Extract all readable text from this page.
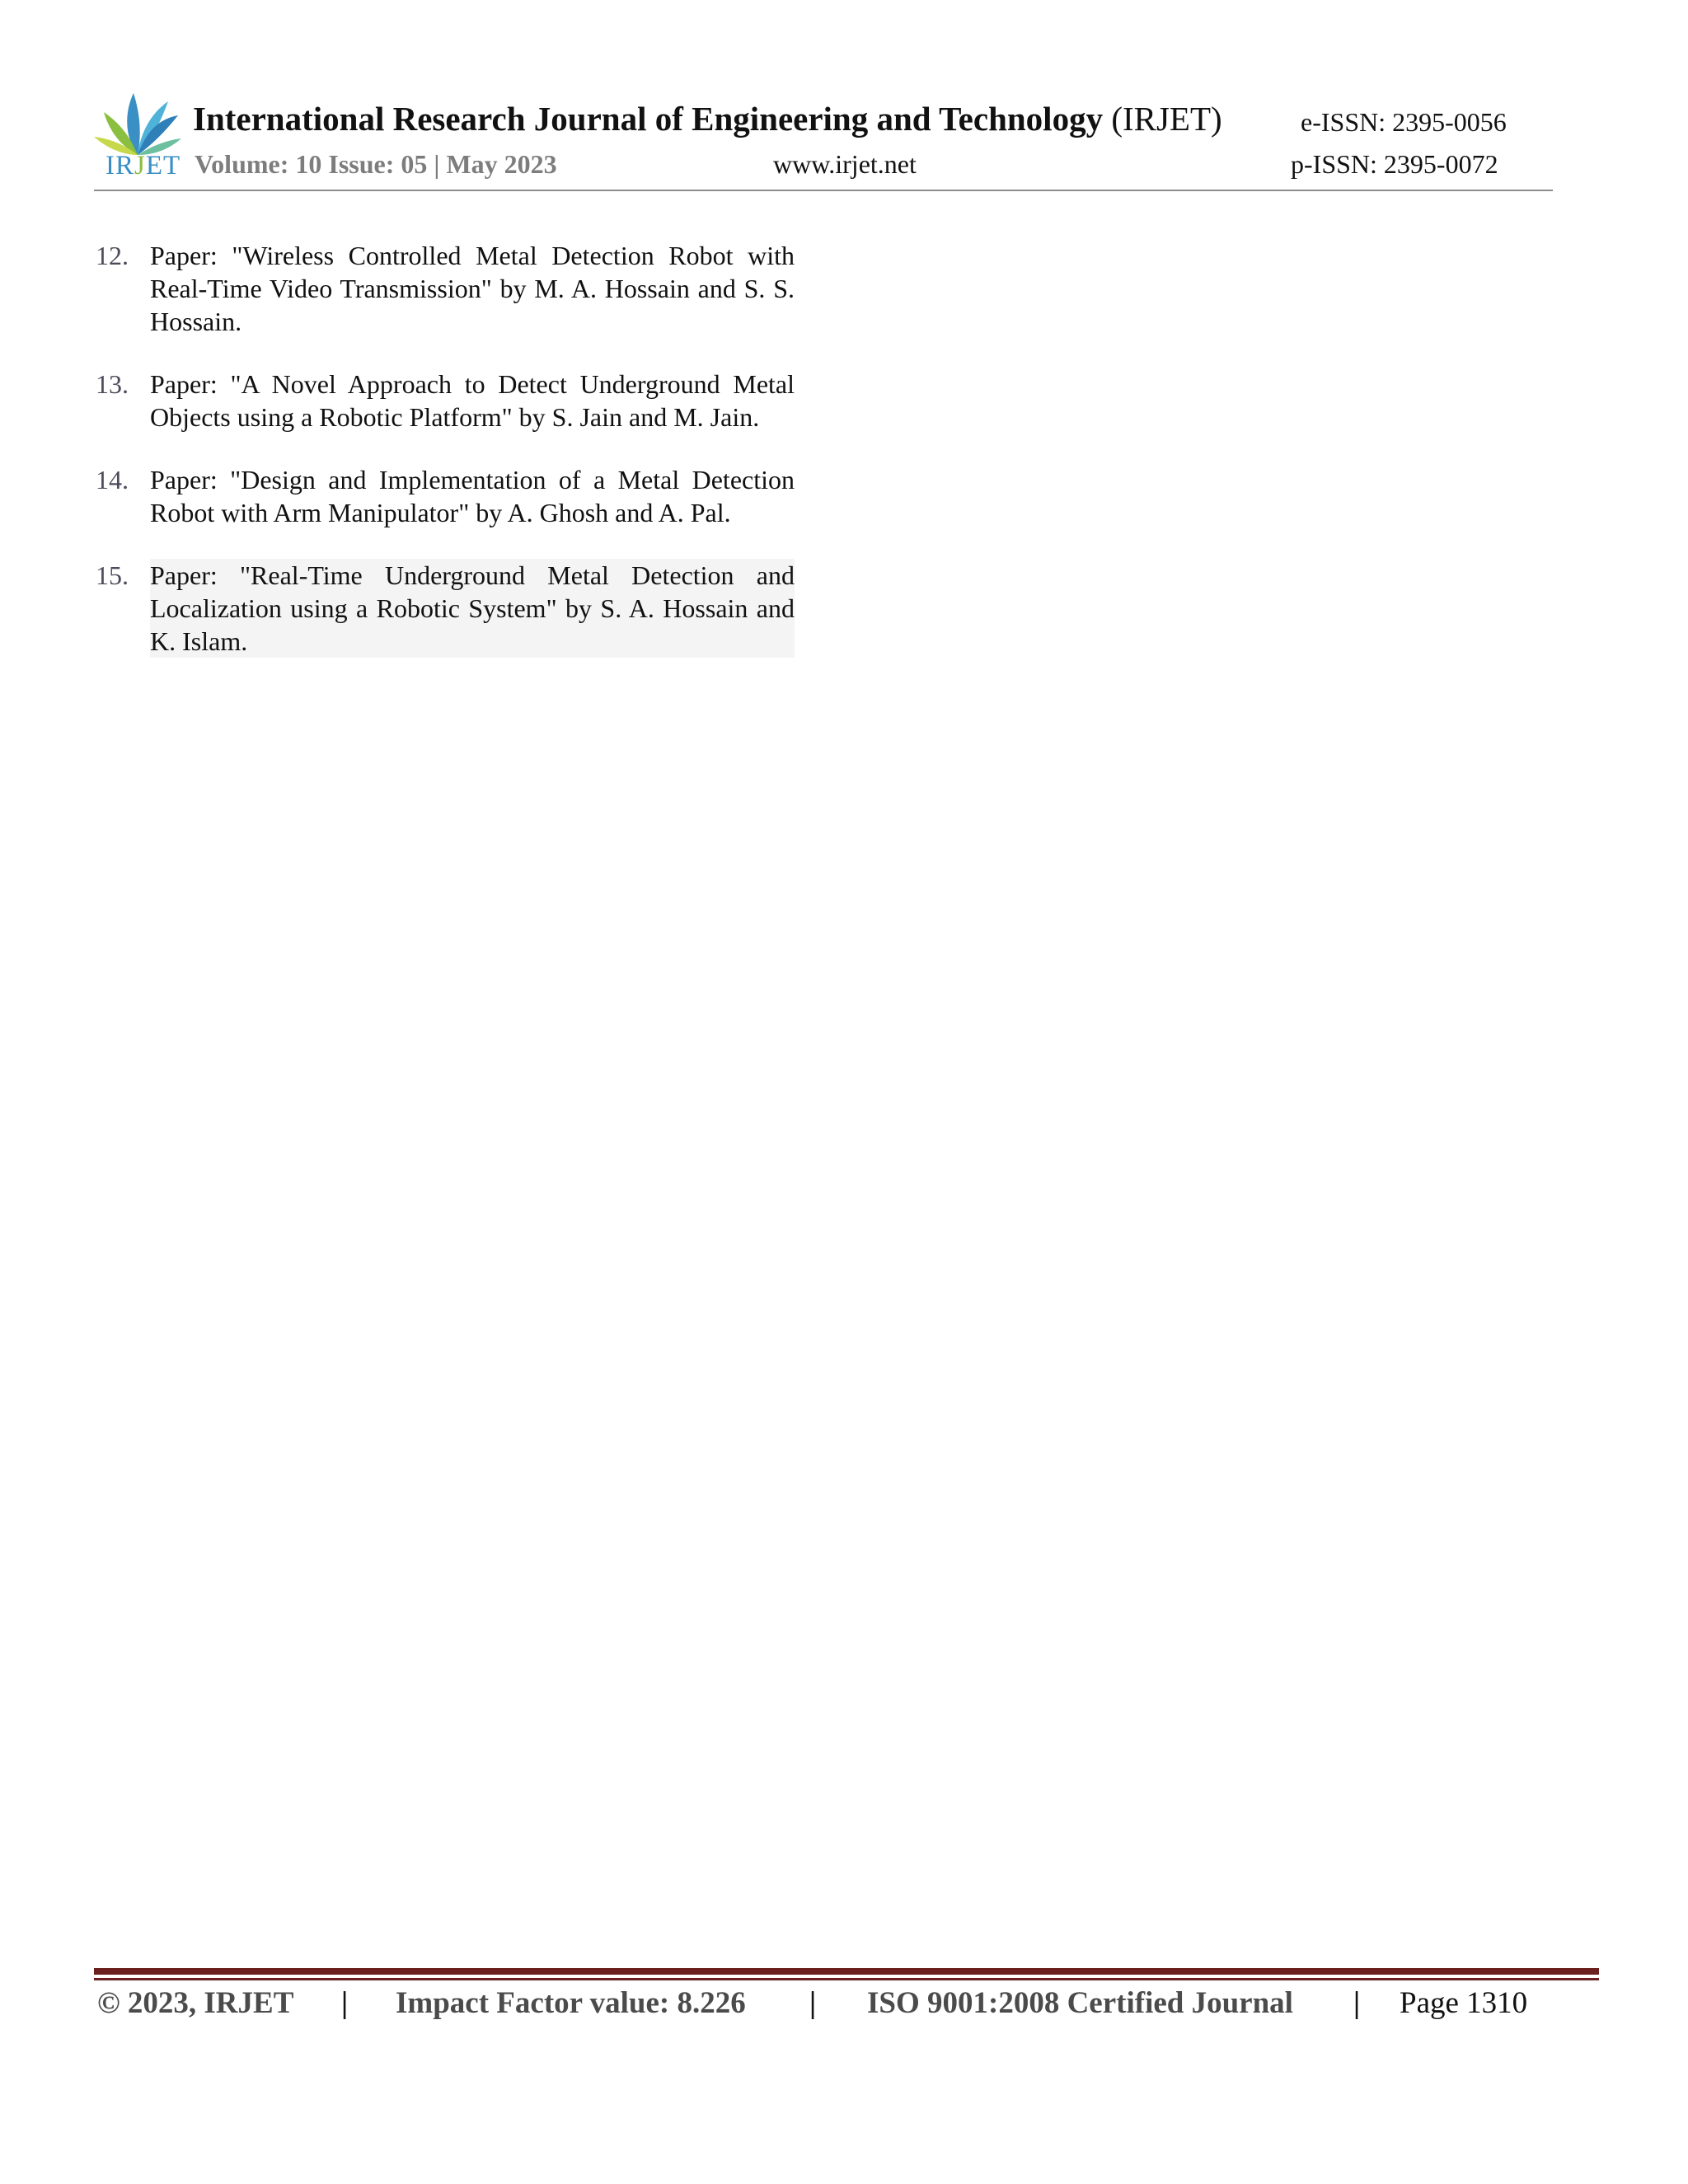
IRJET
International Research Journal of Engineering and Technology (IRJET)	e-ISSN: 2395-0056
Volume: 10 Issue: 05 | May 2023	www.irjet.net	p-ISSN: 2395-0072
12. Paper: "Wireless Controlled Metal Detection Robot with Real-Time Video Transmission" by M. A. Hossain and S. S. Hossain.
13. Paper: "A Novel Approach to Detect Underground Metal Objects using a Robotic Platform" by S. Jain and M. Jain.
14. Paper: "Design and Implementation of a Metal Detection Robot with Arm Manipulator" by A. Ghosh and A. Pal.
15. Paper: "Real-Time Underground Metal Detection and Localization using a Robotic System" by S. A. Hossain and K. Islam.
© 2023, IRJET | Impact Factor value: 8.226 | ISO 9001:2008 Certified Journal | Page 1310
